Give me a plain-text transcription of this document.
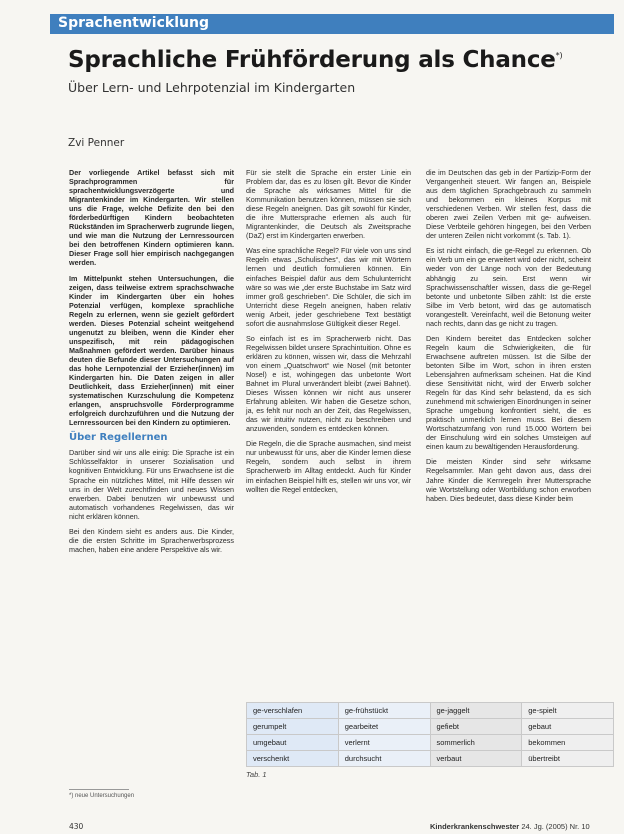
Sprachentwicklung
Sprachliche Frühförderung als Chance*)
Über Lern- und Lehrpotenzial im Kindergarten
Zvi Penner

Der vorliegende Artikel befasst sich mit Sprachprogrammen für sprachentwicklungsverzögerte und Migrantenkinder im Kindergarten. Wir stellen uns die Frage, welche Defizite den bei den förderbedürftigen Kindern beobachteten Rückständen im Spracherwerb zugrunde liegen, und wie man die Nutzung der Lernressourcen bei den betroffenen Kindern optimieren kann. Dieser Frage soll hier empirisch nachgegangen werden.

Im Mittelpunkt stehen Untersuchungen, die zeigen, dass teilweise extrem sprachschwache Kinder im Kindergarten über ein hohes Potenzial verfügen, komplexe sprachliche Regeln zu erlernen, wenn sie gezielt gefördert werden. Dieses Potenzial scheint weitgehend ungenutzt zu bleiben, wenn die Kinder eher unspezifisch, mit rein pädagogischen Maßnahmen gefördert werden. Darüber hinaus deuten die Befunde dieser Untersuchungen auf das hohe Lernpotenzial der Erzieher(innen) im Kindergarten hin. Die Daten zeigen in aller Deutlichkeit, dass Erzieher(innen) mit einer systematischen Kurzschulung die Kompetenz erlangen, anspruchsvolle Förderprogramme erfolgreich durchzuführen und die Nutzung der Lernressourcen bei den Kindern zu optimieren.

Über Regellernen

Darüber sind wir uns alle einig: Die Sprache ist ein Schlüsselfaktor in unserer Sozialisation und kognitiven Entwicklung. Für uns Erwachsene ist die Sprache ein nützliches Mittel, mit Hilfe dessen wir uns in der Welt zurechtfinden und neues Wissen erwerben. Dabei benutzen wir unbewusst und automatisch vorhandenes Regelwissen, das wir nicht erklären können.

Bei den Kindern sieht es anders aus. Die Kinder, die die ersten Schritte im Spracherwerbsprozess machen, haben eine andere Perspektive als wir.

Für sie stellt die Sprache ein erster Linie ein Problem dar, das es zu lösen gilt. Bevor die Kinder die Sprache als wirksames Mittel für die Kommunikation benutzen können, müssen sie sich diese Regeln aneignen. Das gilt sowohl für Kinder, die ihre Muttersprache erlernen als auch für Migrantenkinder, die Deutsch als Zweitsprache (DaZ) erst im Kindergarten erwerben.

Was eine sprachliche Regel? Für viele von uns sind Regeln etwas „Schulisches“, das wir mit Wörtern lernen und deutlich formulieren können. Ein einfaches Beispiel dafür aus dem Schulunterricht wäre so was wie „der erste Buchstabe im Satz wird immer groß geschrieben“. Die Schüler, die sich im Unterricht diese Regeln aneignen, haben relativ wenig Arbeit, jeder geschriebene Text bestätigt sofort die ausnahmslose Gültigkeit dieser Regel.

So einfach ist es im Spracherwerb nicht. Das Regelwissen bildet unsere Sprachintuition. Ohne es erklären zu können, wissen wir, dass die Mehrzahl von einem „Quatschwort“ wie Nosel (mit betonter Nosel) e ist, wohingegen das unbetonte Wort Bahnet im Plural unverändert bleibt (zwei Bahnet). Dieses Wissen können wir nicht aus unserer Erfahrung ableiten. Wir haben die Gesetze schon, ja, es fehlt nur noch an der Zeit, das Regelwissen, das wir intuitiv nutzen, nicht zu beschreiben und anzuwenden, sondern es entdecken können.

Die Regeln, die die Sprache ausmachen, sind meist nur unbewusst für uns, aber die Kinder lernen diese Regeln, sondern auch selbst in ihrem Spracherwerb im Alltag entdeckt. Auch für Kinder im einfachen Beispiel hilft es, stellen wir uns vor, wir wollten die Regel entdecken,

die im Deutschen das geb in der Partizip-Form der Vergangenheit steuert. Wir fangen an, Beispiele aus dem täglichen Sprachgebrauch zu sammeln und bekommen ein kleines Korpus mit verschiedenen Verben. Wir stellen fest, dass die oberen zwei Zeilen Verben mit ge- aufweisen. Diese Verbteile gehören hingegen, bei den Verben der unteren Zeilen nicht vorkommt (s. Tab. 1).

Es ist nicht einfach, die ge-Regel zu erkennen. Ob ein Verb um ein ge erweitert wird oder nicht, scheint weder von der Länge noch von der Bedeutung abhängig zu sein. Erst wenn wir Sprachwissenschaftler wissen, dass die ge-Regel betonte und unbetonte Silben zählt: Ist die erste Silbe im Verb betont, wird das ge automatisch vorangestellt. Vereinfacht, weil die Betonung weiter nach rechts, dann das ge nicht zu tragen.

Den Kindern bereitet das Entdecken solcher Regeln kaum die Schwierigkeiten, die für Erwachsene auftreten müssen. Ist die Silbe der betonten Silbe im Wort, schon in ihren ersten Lebensjahren aufmerksam scheinen. Hat die Kind diese Sensitivität nicht, wird der Erwerb solcher Regeln für das Kind sehr belastend, da es sich zunehmend mit schwierigen Einordnungen in seiner Sprache umgebung konfrontiert sieht, die es praktisch unmerklich lernen muss. Bei diesem Wortschatzumfang von rund 15.000 Wörtern bei der Einschulung wird ein solches Umsteigen auf einen kaum zu bewältigenden Herausforderung.

Die meisten Kinder sind sehr wirksame Regelsammler. Man geht davon aus, dass drei Jahre Kinder die Kernregeln ihrer Muttersprache wie Wortstellung oder Wortbildung schon erworben haben. Dies bedeutet, dass diese Kinder beim

ge-verschlafen	ge-frühstückt	ge-jaggelt	ge-spielt
gerumpelt	gearbeitet	gefiebt	gebaut
umgebaut	verlernt	sommerlich	bekommen
verschenkt	durchsucht	verbaut	übertreibt
Tab. 1
*) neue Untersuchungen
430	Kinderkrankenschwester 24. Jg. (2005) Nr. 10
